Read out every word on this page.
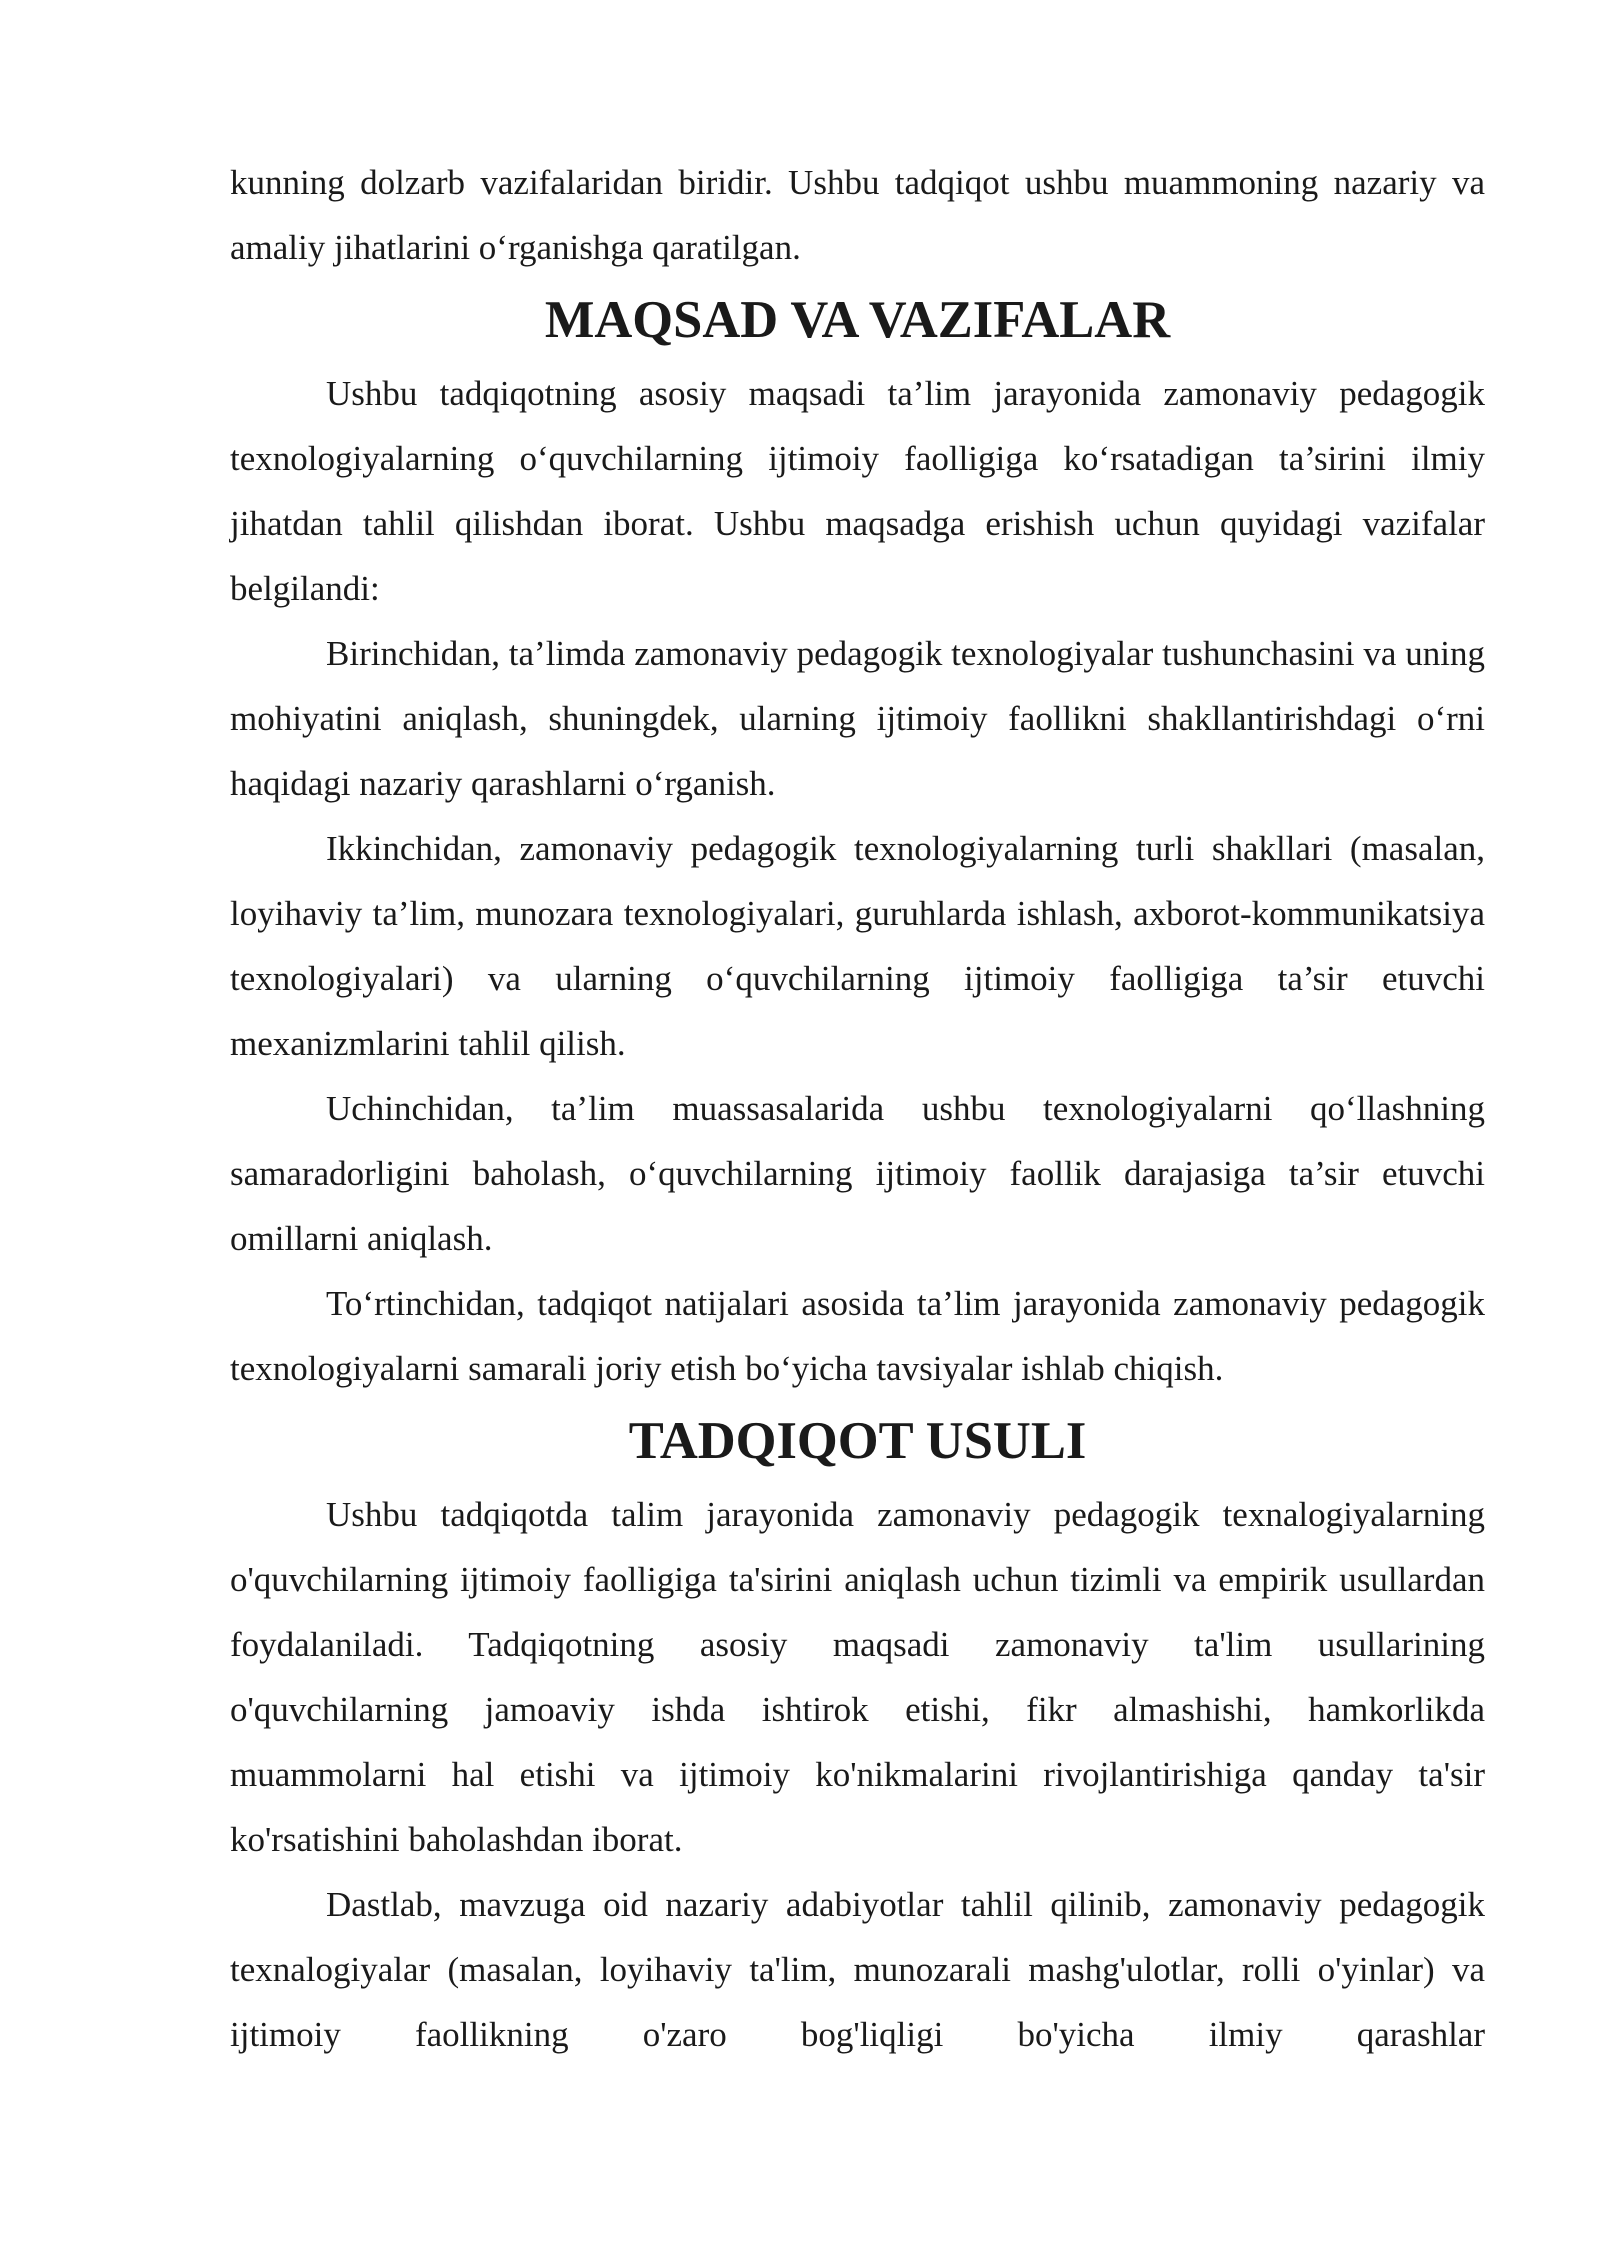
kunning dolzarb vazifalaridan biridir. Ushbu tadqiqot ushbu muammoning nazariy va amaliy jihatlarini o‘rganishga qaratilgan.

MAQSAD VA VAZIFALAR

Ushbu tadqiqotning asosiy maqsadi ta’lim jarayonida zamonaviy pedagogik texnologiyalarning o‘quvchilarning ijtimoiy faolligiga ko‘rsatadigan ta’sirini ilmiy jihatdan tahlil qilishdan iborat. Ushbu maqsadga erishish uchun quyidagi vazifalar belgilandi:

Birinchidan, ta’limda zamonaviy pedagogik texnologiyalar tushunchasini va uning mohiyatini aniqlash, shuningdek, ularning ijtimoiy faollikni shakllantirishdagi o‘rni haqidagi nazariy qarashlarni o‘rganish.

Ikkinchidan, zamonaviy pedagogik texnologiyalarning turli shakllari (masalan, loyihaviy ta’lim, munozara texnologiyalari, guruhlarda ishlash, axborot-kommunikatsiya texnologiyalari) va ularning o‘quvchilarning ijtimoiy faolligiga ta’sir etuvchi mexanizmlarini tahlil qilish.

Uchinchidan, ta’lim muassasalarida ushbu texnologiyalarni qo‘llashning samaradorligini baholash, o‘quvchilarning ijtimoiy faollik darajasiga ta’sir etuvchi omillarni aniqlash.

To‘rtinchidan, tadqiqot natijalari asosida ta’lim jarayonida zamonaviy pedagogik texnologiyalarni samarali joriy etish bo‘yicha tavsiyalar ishlab chiqish.

TADQIQOT USULI

Ushbu tadqiqotda talim jarayonida zamonaviy pedagogik texnalogiyalarning o'quvchilarning ijtimoiy faolligiga ta'sirini aniqlash uchun tizimli va empirik usullardan foydalaniladi. Tadqiqotning asosiy maqsadi zamonaviy ta'lim usullarining o'quvchilarning jamoaviy ishda ishtirok etishi, fikr almashishi, hamkorlikda muammolarni hal etishi va ijtimoiy ko'nikmalarini rivojlantirishiga qanday ta'sir ko'rsatishini baholashdan iborat.

Dastlab, mavzuga oid nazariy adabiyotlar tahlil qilinib, zamonaviy pedagogik texnalogiyalar (masalan, loyihaviy ta'lim, munozarali mashg'ulotlar, rolli o'yinlar) va ijtimoiy faollikning o'zaro bog'liqligi bo'yicha ilmiy qarashlar
